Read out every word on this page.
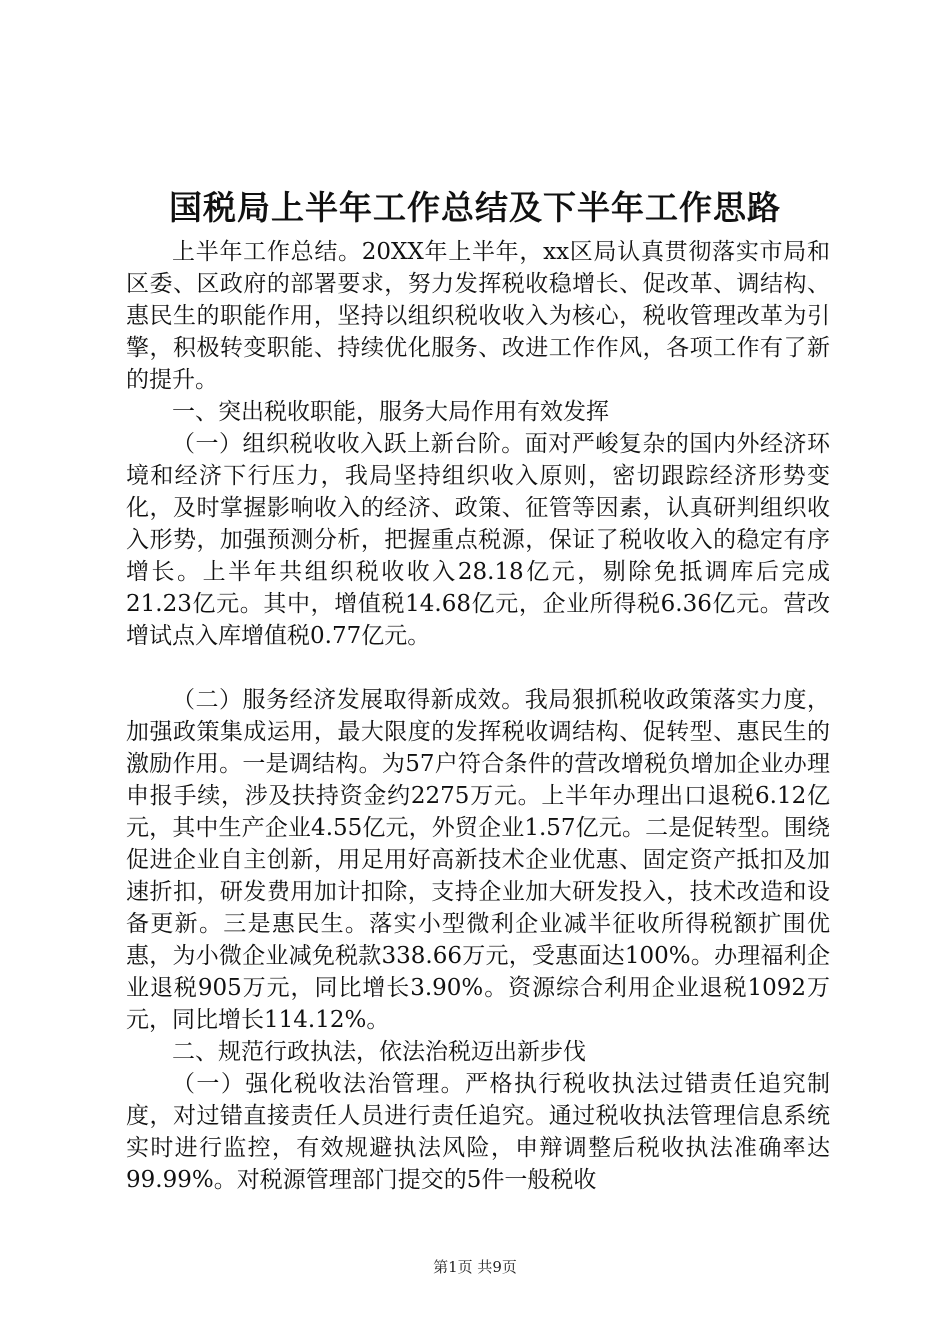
国税局上半年工作总结及下半年工作思路

上半年工作总结。20XX年上半年，xx区局认真贯彻落实市局和区委、区政府的部署要求，努力发挥税收稳增长、促改革、调结构、惠民生的职能作用，坚持以组织税收收入为核心，税收管理改革为引擎，积极转变职能、持续优化服务、改进工作作风，各项工作有了新的提升。

一、突出税收职能，服务大局作用有效发挥

（一）组织税收收入跃上新台阶。面对严峻复杂的国内外经济环境和经济下行压力，我局坚持组织收入原则，密切跟踪经济形势变化，及时掌握影响收入的经济、政策、征管等因素，认真研判组织收入形势，加强预测分析，把握重点税源，保证了税收收入的稳定有序增长。上半年共组织税收收入28.18亿元，剔除免抵调库后完成21.23亿元。其中，增值税14.68亿元，企业所得税6.36亿元。营改增试点入库增值税0.77亿元。

（二）服务经济发展取得新成效。我局狠抓税收政策落实力度，加强政策集成运用，最大限度的发挥税收调结构、促转型、惠民生的激励作用。一是调结构。为57户符合条件的营改增税负增加企业办理申报手续，涉及扶持资金约2275万元。上半年办理出口退税6.12亿元，其中生产企业4.55亿元，外贸企业1.57亿元。二是促转型。围绕促进企业自主创新，用足用好高新技术企业优惠、固定资产抵扣及加速折扣，研发费用加计扣除，支持企业加大研发投入，技术改造和设备更新。三是惠民生。落实小型微利企业减半征收所得税额扩围优惠，为小微企业减免税款338.66万元，受惠面达100%。办理福利企业退税905万元，同比增长3.90%。资源综合利用企业退税1092万元，同比增长114.12%。

二、规范行政执法，依法治税迈出新步伐

（一）强化税收法治管理。严格执行税收执法过错责任追究制度，对过错直接责任人员进行责任追究。通过税收执法管理信息系统实时进行监控，有效规避执法风险，申辩调整后税收执法准确率达99.99%。对税源管理部门提交的5件一般税收

第1页 共9页
